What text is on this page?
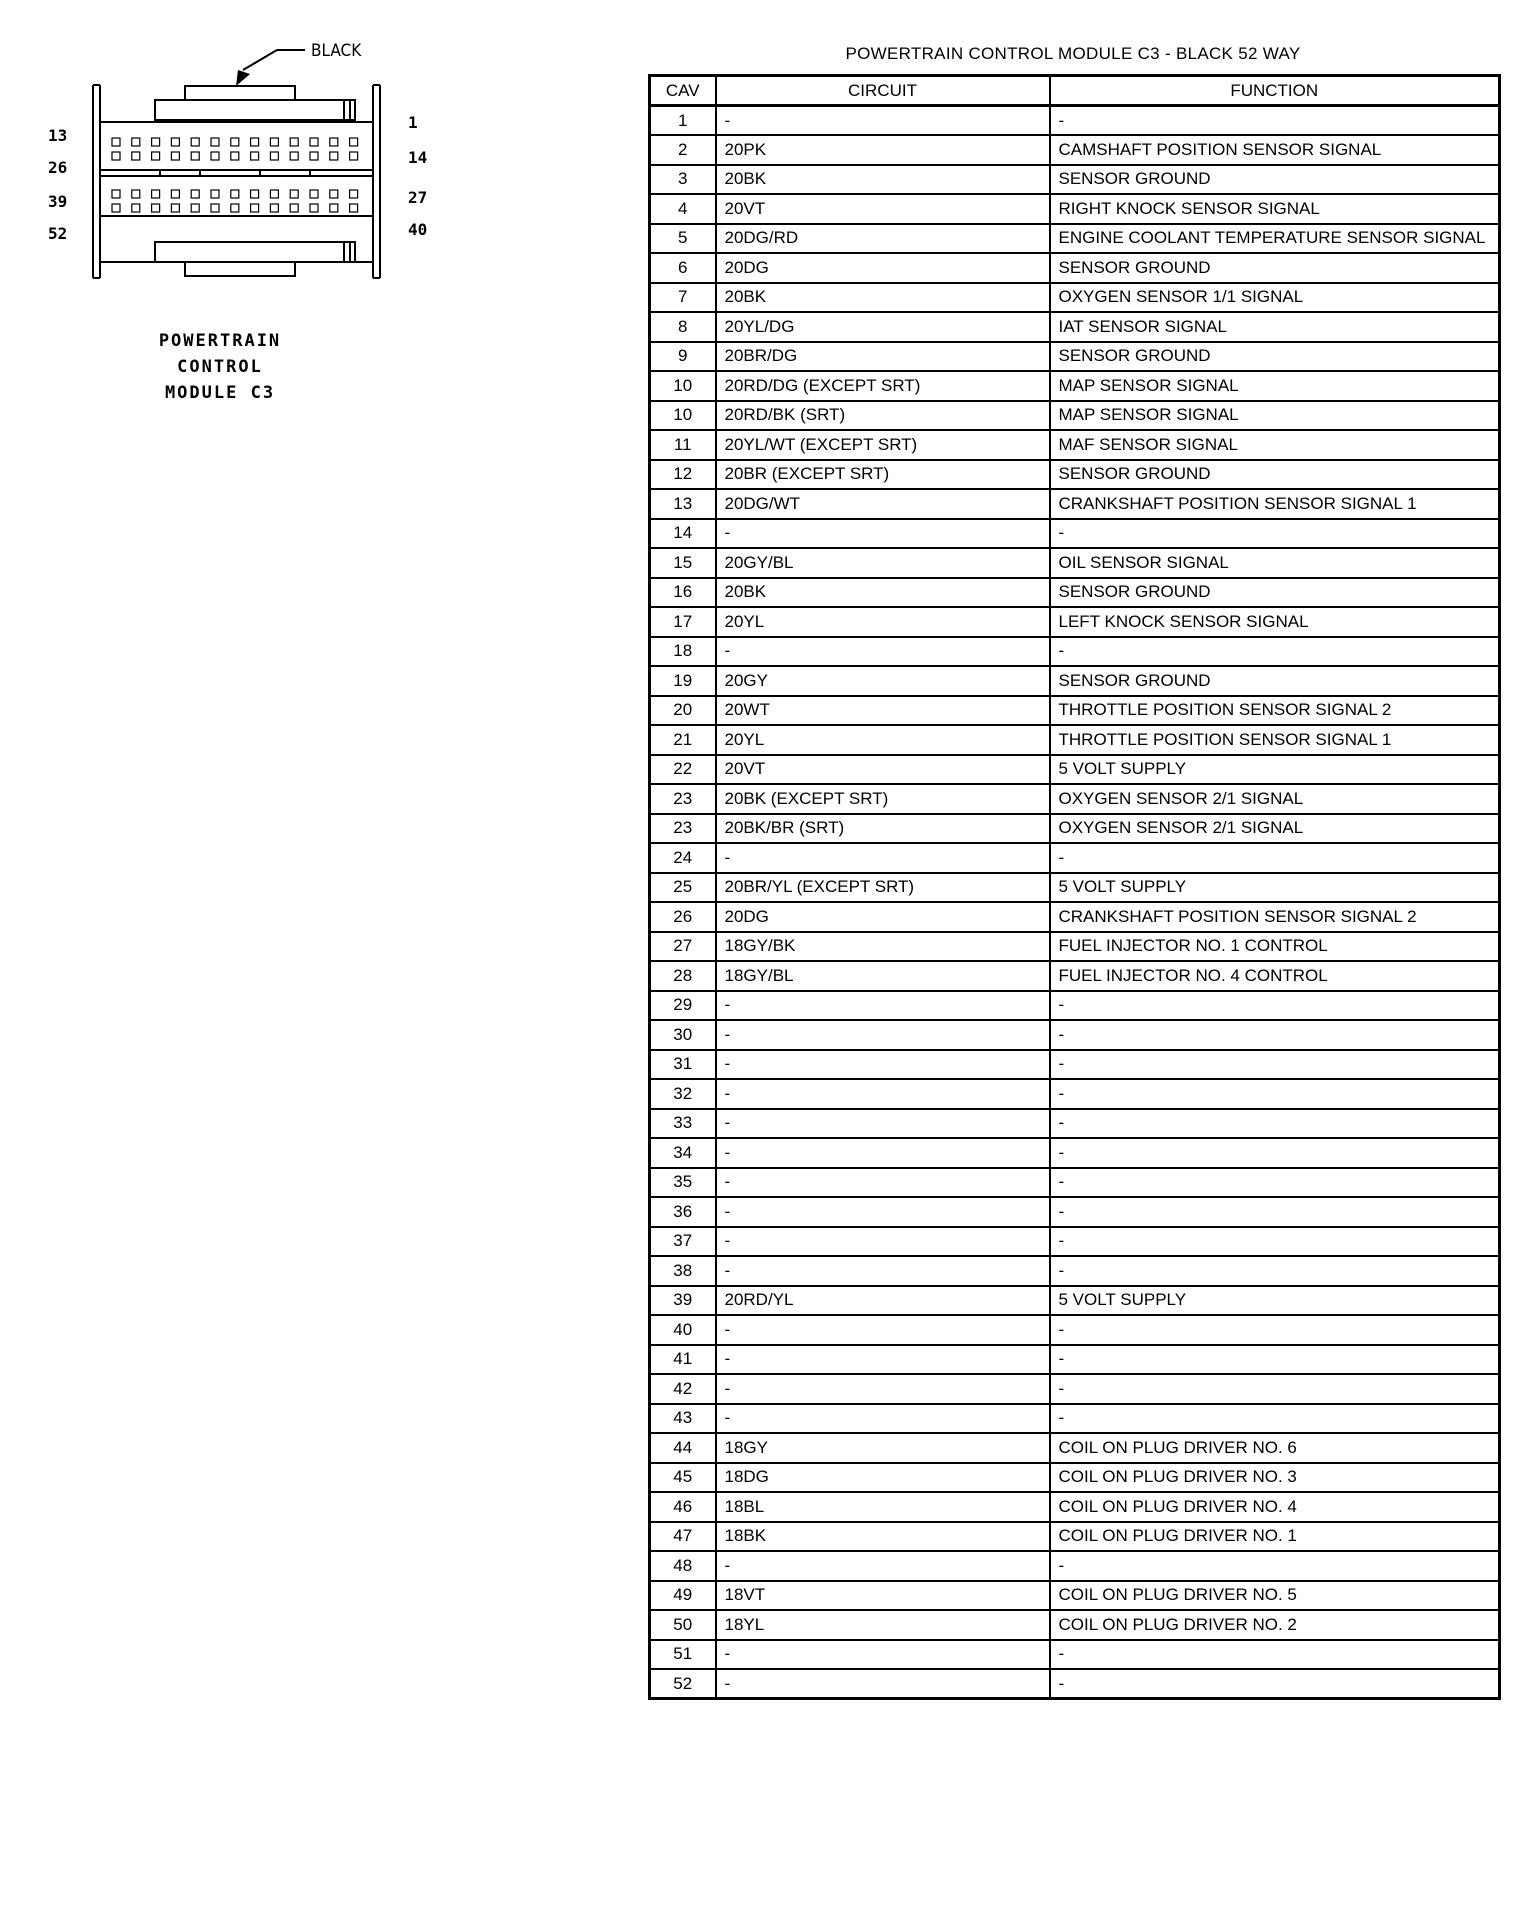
BLACK
13
26
39
52
1
14
27
40
POWERTRAIN
CONTROL
MODULE C3
POWERTRAIN CONTROL MODULE C3 - BLACK 52 WAY
CAV	CIRCUIT	FUNCTION
1	-	-
2	20PK	CAMSHAFT POSITION SENSOR SIGNAL
3	20BK	SENSOR GROUND
4	20VT	RIGHT KNOCK SENSOR SIGNAL
5	20DG/RD	ENGINE COOLANT TEMPERATURE SENSOR SIGNAL
6	20DG	SENSOR GROUND
7	20BK	OXYGEN SENSOR 1/1 SIGNAL
8	20YL/DG	IAT SENSOR SIGNAL
9	20BR/DG	SENSOR GROUND
10	20RD/DG (EXCEPT SRT)	MAP SENSOR SIGNAL
10	20RD/BK (SRT)	MAP SENSOR SIGNAL
11	20YL/WT (EXCEPT SRT)	MAF SENSOR SIGNAL
12	20BR (EXCEPT SRT)	SENSOR GROUND
13	20DG/WT	CRANKSHAFT POSITION SENSOR SIGNAL 1
14	-	-
15	20GY/BL	OIL SENSOR SIGNAL
16	20BK	SENSOR GROUND
17	20YL	LEFT KNOCK SENSOR SIGNAL
18	-	-
19	20GY	SENSOR GROUND
20	20WT	THROTTLE POSITION SENSOR SIGNAL 2
21	20YL	THROTTLE POSITION SENSOR SIGNAL 1
22	20VT	5 VOLT SUPPLY
23	20BK (EXCEPT SRT)	OXYGEN SENSOR 2/1 SIGNAL
23	20BK/BR (SRT)	OXYGEN SENSOR 2/1 SIGNAL
24	-	-
25	20BR/YL (EXCEPT SRT)	5 VOLT SUPPLY
26	20DG	CRANKSHAFT POSITION SENSOR SIGNAL 2
27	18GY/BK	FUEL INJECTOR NO. 1 CONTROL
28	18GY/BL	FUEL INJECTOR NO. 4 CONTROL
29	-	-
30	-	-
31	-	-
32	-	-
33	-	-
34	-	-
35	-	-
36	-	-
37	-	-
38	-	-
39	20RD/YL	5 VOLT SUPPLY
40	-	-
41	-	-
42	-	-
43	-	-
44	18GY	COIL ON PLUG DRIVER NO. 6
45	18DG	COIL ON PLUG DRIVER NO. 3
46	18BL	COIL ON PLUG DRIVER NO. 4
47	18BK	COIL ON PLUG DRIVER NO. 1
48	-	-
49	18VT	COIL ON PLUG DRIVER NO. 5
50	18YL	COIL ON PLUG DRIVER NO. 2
51	-	-
52	-	-
